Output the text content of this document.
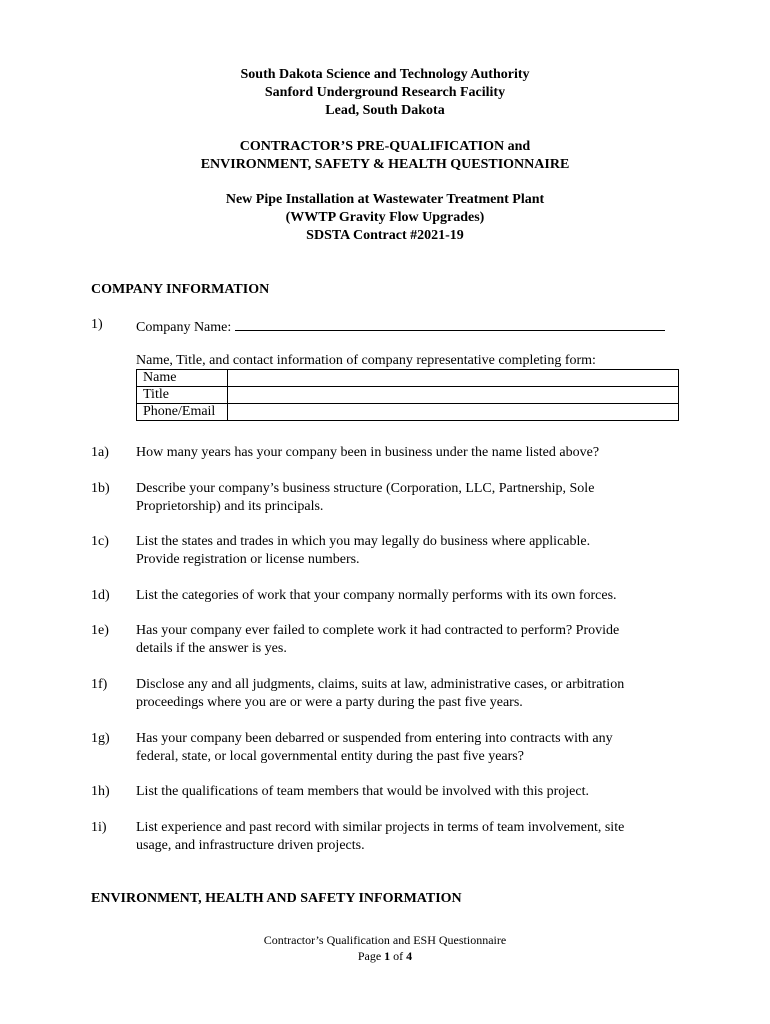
South Dakota Science and Technology Authority
Sanford Underground Research Facility
Lead, South Dakota
CONTRACTOR’S PRE-QUALIFICATION and
ENVIRONMENT, SAFETY & HEALTH QUESTIONNAIRE
New Pipe Installation at Wastewater Treatment Plant
(WWTP Gravity Flow Upgrades)
SDSTA Contract #2021-19
COMPANY INFORMATION
1) Company Name:
Name, Title, and contact information of company representative completing form:
Name	
Title	
Phone/Email	
1a) How many years has your company been in business under the name listed above?
1b) Describe your company’s business structure (Corporation, LLC, Partnership, Sole
Proprietorship) and its principals.
1c) List the states and trades in which you may legally do business where applicable.
Provide registration or license numbers.
1d) List the categories of work that your company normally performs with its own forces.
1e) Has your company ever failed to complete work it had contracted to perform? Provide
details if the answer is yes.
1f) Disclose any and all judgments, claims, suits at law, administrative cases, or arbitration
proceedings where you are or were a party during the past five years.
1g) Has your company been debarred or suspended from entering into contracts with any
federal, state, or local governmental entity during the past five years?
1h) List the qualifications of team members that would be involved with this project.
1i) List experience and past record with similar projects in terms of team involvement, site
usage, and infrastructure driven projects.
ENVIRONMENT, HEALTH AND SAFETY INFORMATION
Contractor’s Qualification and ESH Questionnaire
Page 1 of 4
